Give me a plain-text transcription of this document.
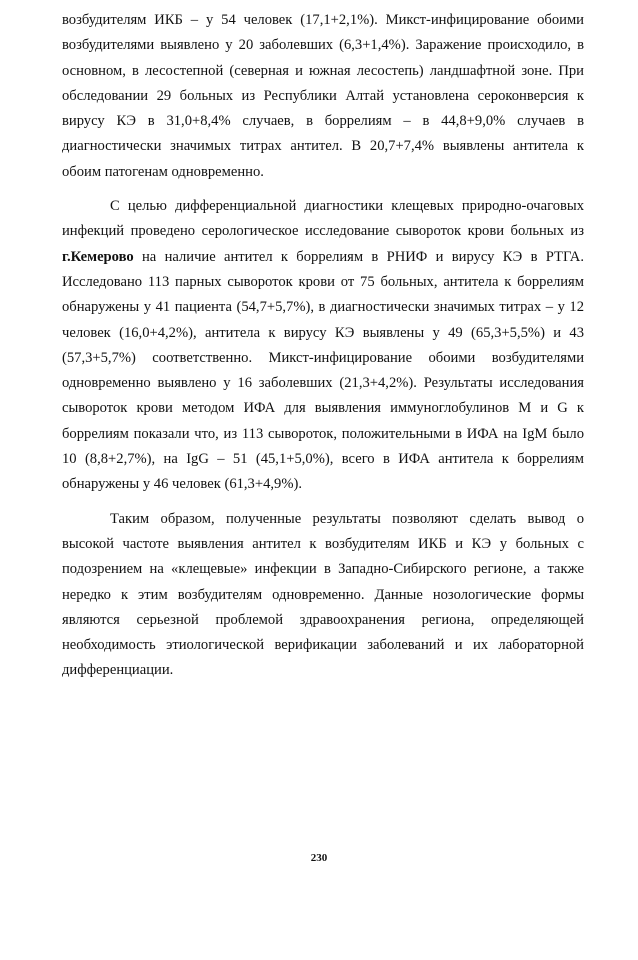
возбудителям ИКБ – у 54 человек (17,1+2,1%). Микст-инфицирование обоими возбудителями выявлено у 20 заболевших (6,3+1,4%). Заражение происходило, в основном, в лесостепной (северная и южная лесостепь) ландшафтной зоне. При обследовании 29 больных из Республики Алтай установлена сероконверсия к вирусу КЭ в 31,0+8,4% случаев, в боррелиям – в 44,8+9,0% случаев в диагностически значимых титрах антител. В 20,7+7,4% выявлены антитела к обоим патогенам одновременно.

С целью дифференциальной диагностики клещевых природно-очаговых инфекций проведено серологическое исследование сывороток крови больных из г.Кемерово на наличие антител к боррелиям в РНИФ и вирусу КЭ в РТГА. Исследовано 113 парных сывороток крови от 75 больных, антитела к боррелиям обнаружены у 41 пациента (54,7+5,7%), в диагностически значимых титрах – у 12 человек (16,0+4,2%), антитела к вирусу КЭ выявлены у 49 (65,3+5,5%) и 43 (57,3+5,7%) соответственно. Микст-инфицирование обоими возбудителями одновременно выявлено у 16 заболевших (21,3+4,2%). Результаты исследования сывороток крови методом ИФА для выявления иммуноглобулинов М и G к боррелиям показали что, из 113 сывороток, положительными в ИФА на IgM было 10 (8,8+2,7%), на IgG – 51 (45,1+5,0%), всего в ИФА антитела к боррелиям обнаружены у 46 человек (61,3+4,9%).

Таким образом, полученные результаты позволяют сделать вывод о высокой частоте выявления антител к возбудителям ИКБ и КЭ у больных с подозрением на «клещевые» инфекции в Западно-Сибирского регионе, а также нередко к этим возбудителям одновременно. Данные нозологические формы являются серьезной проблемой здравоохранения региона, определяющей необходимость этиологической верификации заболеваний и их лабораторной дифференциации.

230
